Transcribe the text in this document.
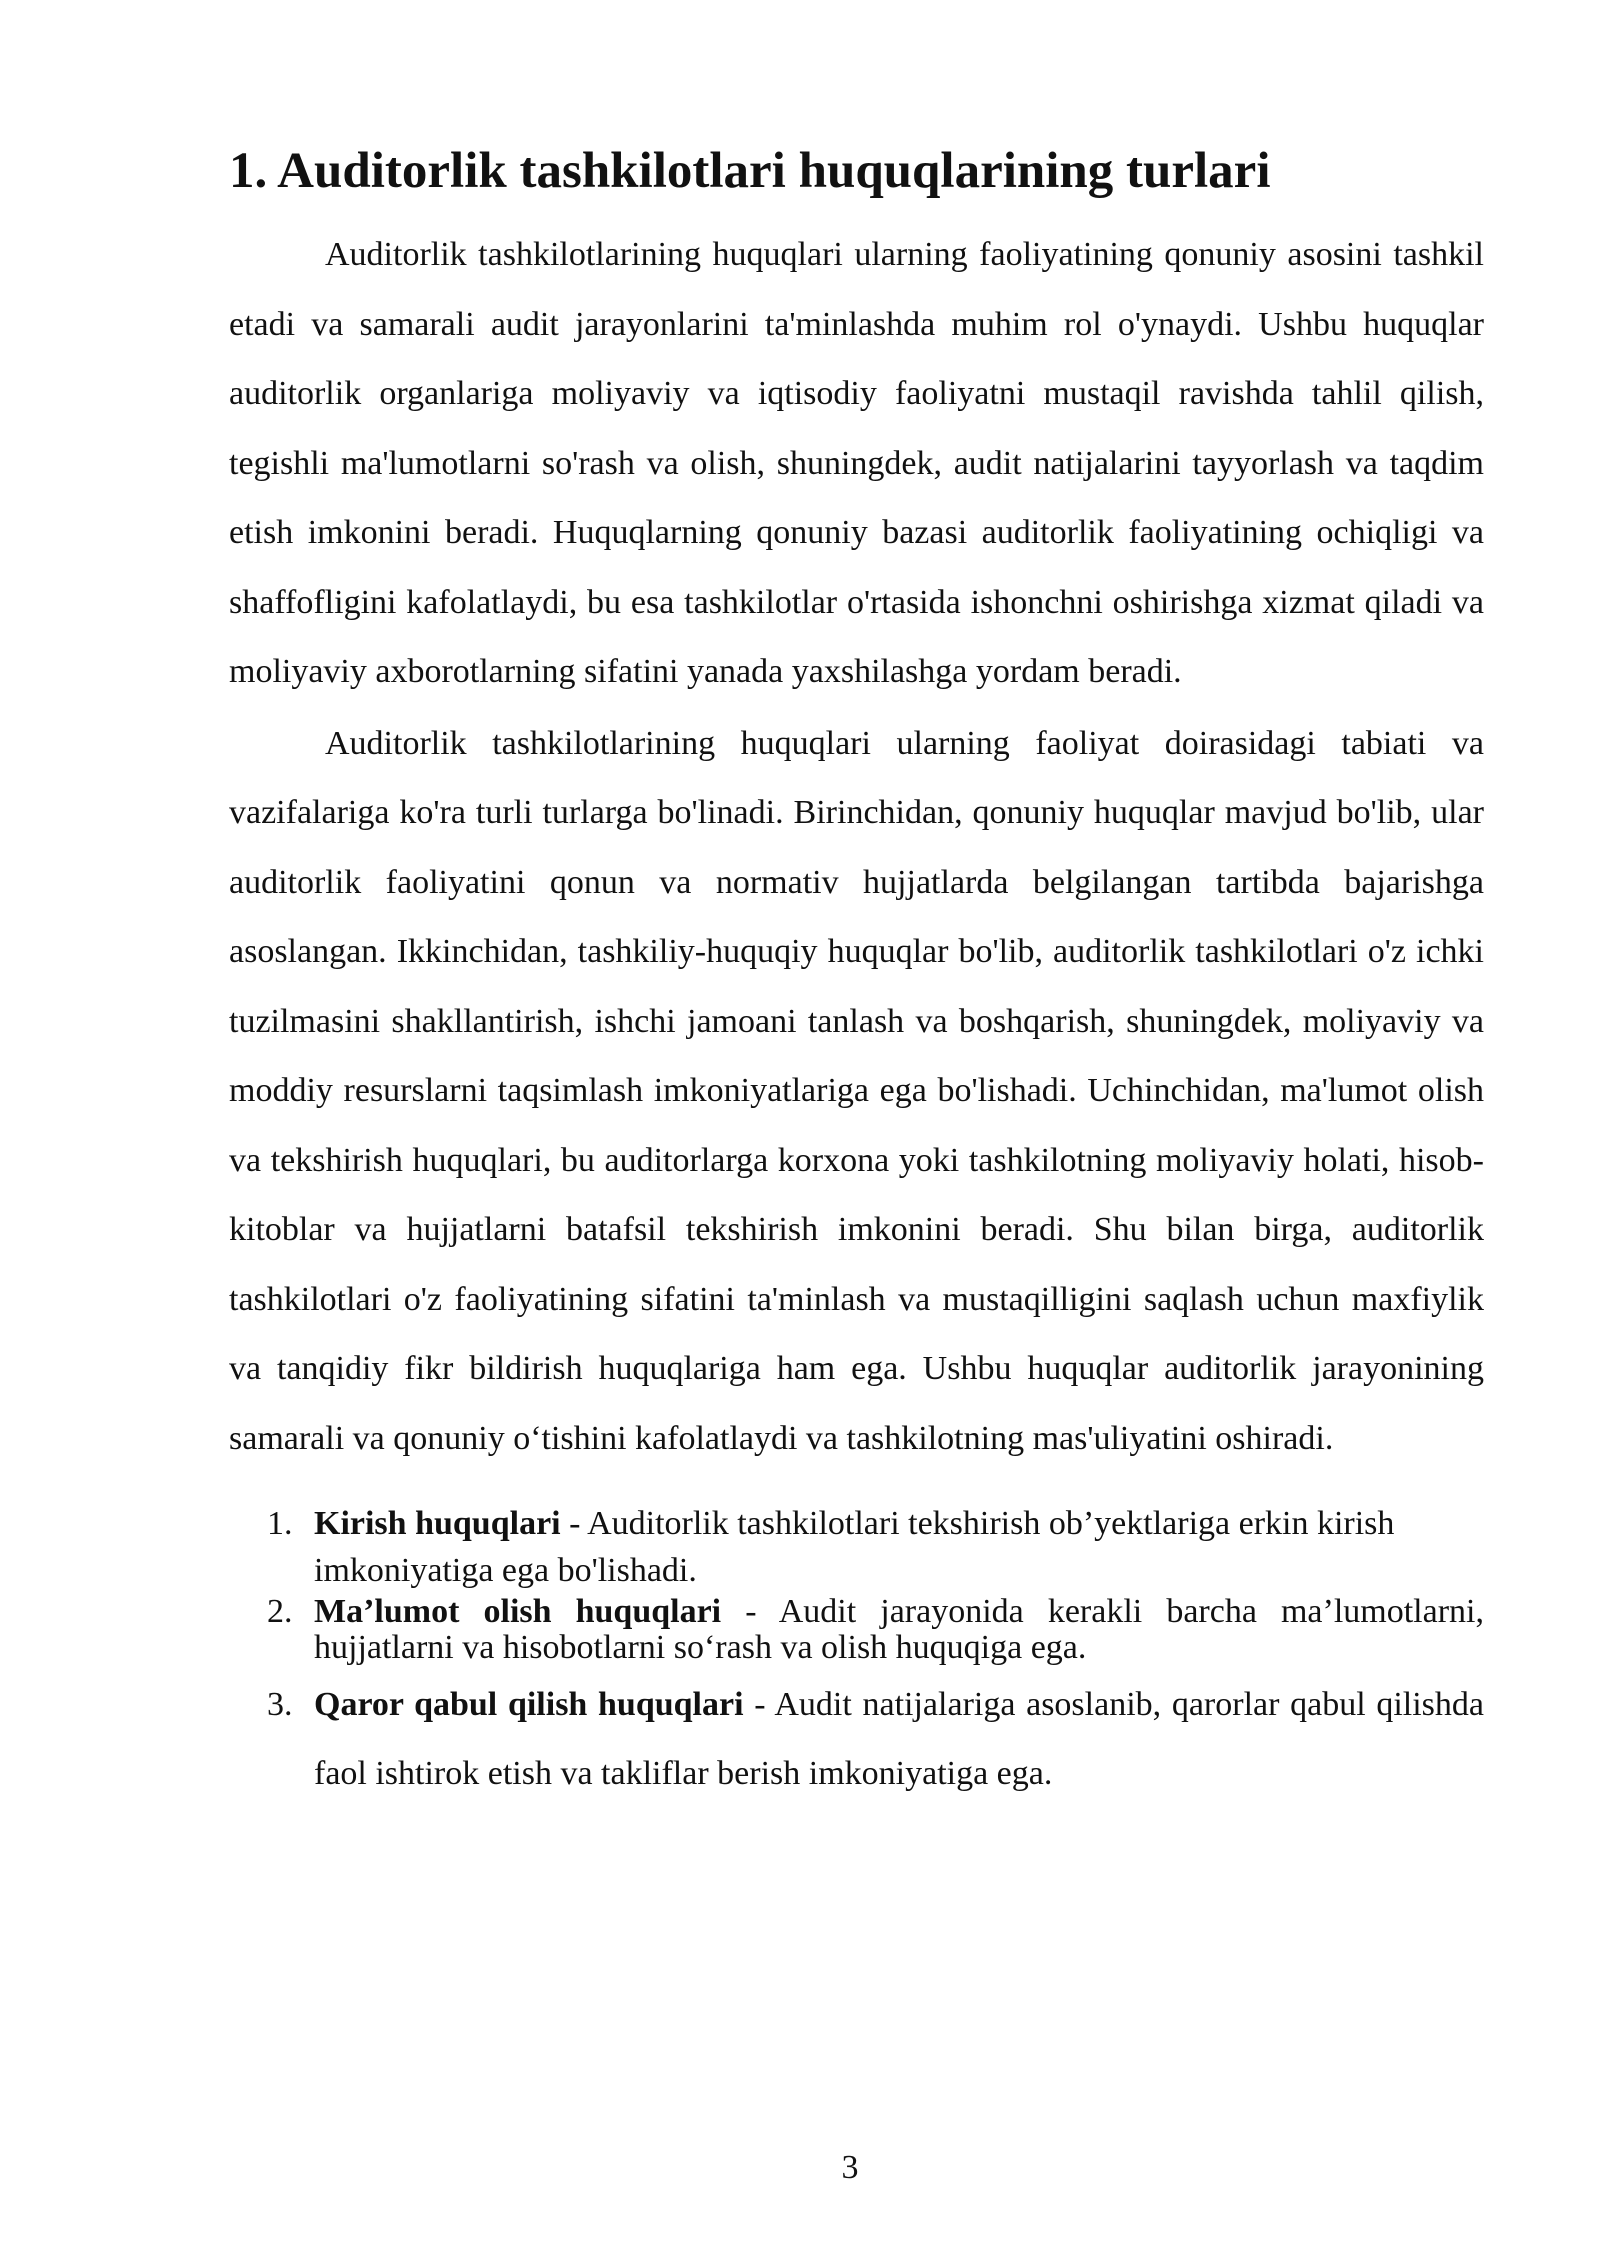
1. Auditorlik tashkilotlari huquqlarining turlari

Auditorlik tashkilotlarining huquqlari ularning faoliyatining qonuniy asosini tashkil etadi va samarali audit jarayonlarini ta'minlashda muhim rol o'ynaydi. Ushbu huquqlar auditorlik organlariga moliyaviy va iqtisodiy faoliyatni mustaqil ravishda tahlil qilish, tegishli ma'lumotlarni so'rash va olish, shuningdek, audit natijalarini tayyorlash va taqdim etish imkonini beradi. Huquqlarning qonuniy bazasi auditorlik faoliyatining ochiqligi va shaffofligini kafolatlaydi, bu esa tashkilotlar o'rtasida ishonchni oshirishga xizmat qiladi va moliyaviy axborotlarning sifatini yanada yaxshilashga yordam beradi.

Auditorlik tashkilotlarining huquqlari ularning faoliyat doirasidagi tabiati va vazifalariga ko'ra turli turlarga bo'linadi. Birinchidan, qonuniy huquqlar mavjud bo'lib, ular auditorlik faoliyatini qonun va normativ hujjatlarda belgilangan tartibda bajarishga asoslangan. Ikkinchidan, tashkiliy-huquqiy huquqlar bo'lib, auditorlik tashkilotlari o'z ichki tuzilmasini shakllantirish, ishchi jamoani tanlash va boshqarish, shuningdek, moliyaviy va moddiy resurslarni taqsimlash imkoniyatlariga ega bo'lishadi. Uchinchidan, ma'lumot olish va tekshirish huquqlari, bu auditorlarga korxona yoki tashkilotning moliyaviy holati, hisob-kitoblar va hujjatlarni batafsil tekshirish imkonini beradi. Shu bilan birga, auditorlik tashkilotlari o'z faoliyatining sifatini ta'minlash va mustaqilligini saqlash uchun maxfiylik va tanqidiy fikr bildirish huquqlariga ham ega. Ushbu huquqlar auditorlik jarayonining samarali va qonuniy o‘tishini kafolatlaydi va tashkilotning mas'uliyatini oshiradi.

1. Kirish huquqlari - Auditorlik tashkilotlari tekshirish ob’yektlariga erkin kirish
imkoniyatiga ega bo'lishadi.
2. Ma’lumot olish huquqlari - Audit jarayonida kerakli barcha ma’lumotlarni, hujjatlarni va hisobotlarni so‘rash va olish huquqiga ega.
3. Qaror qabul qilish huquqlari - Audit natijalariga asoslanib, qarorlar qabul qilishda faol ishtirok etish va takliflar berish imkoniyatiga ega.
3
